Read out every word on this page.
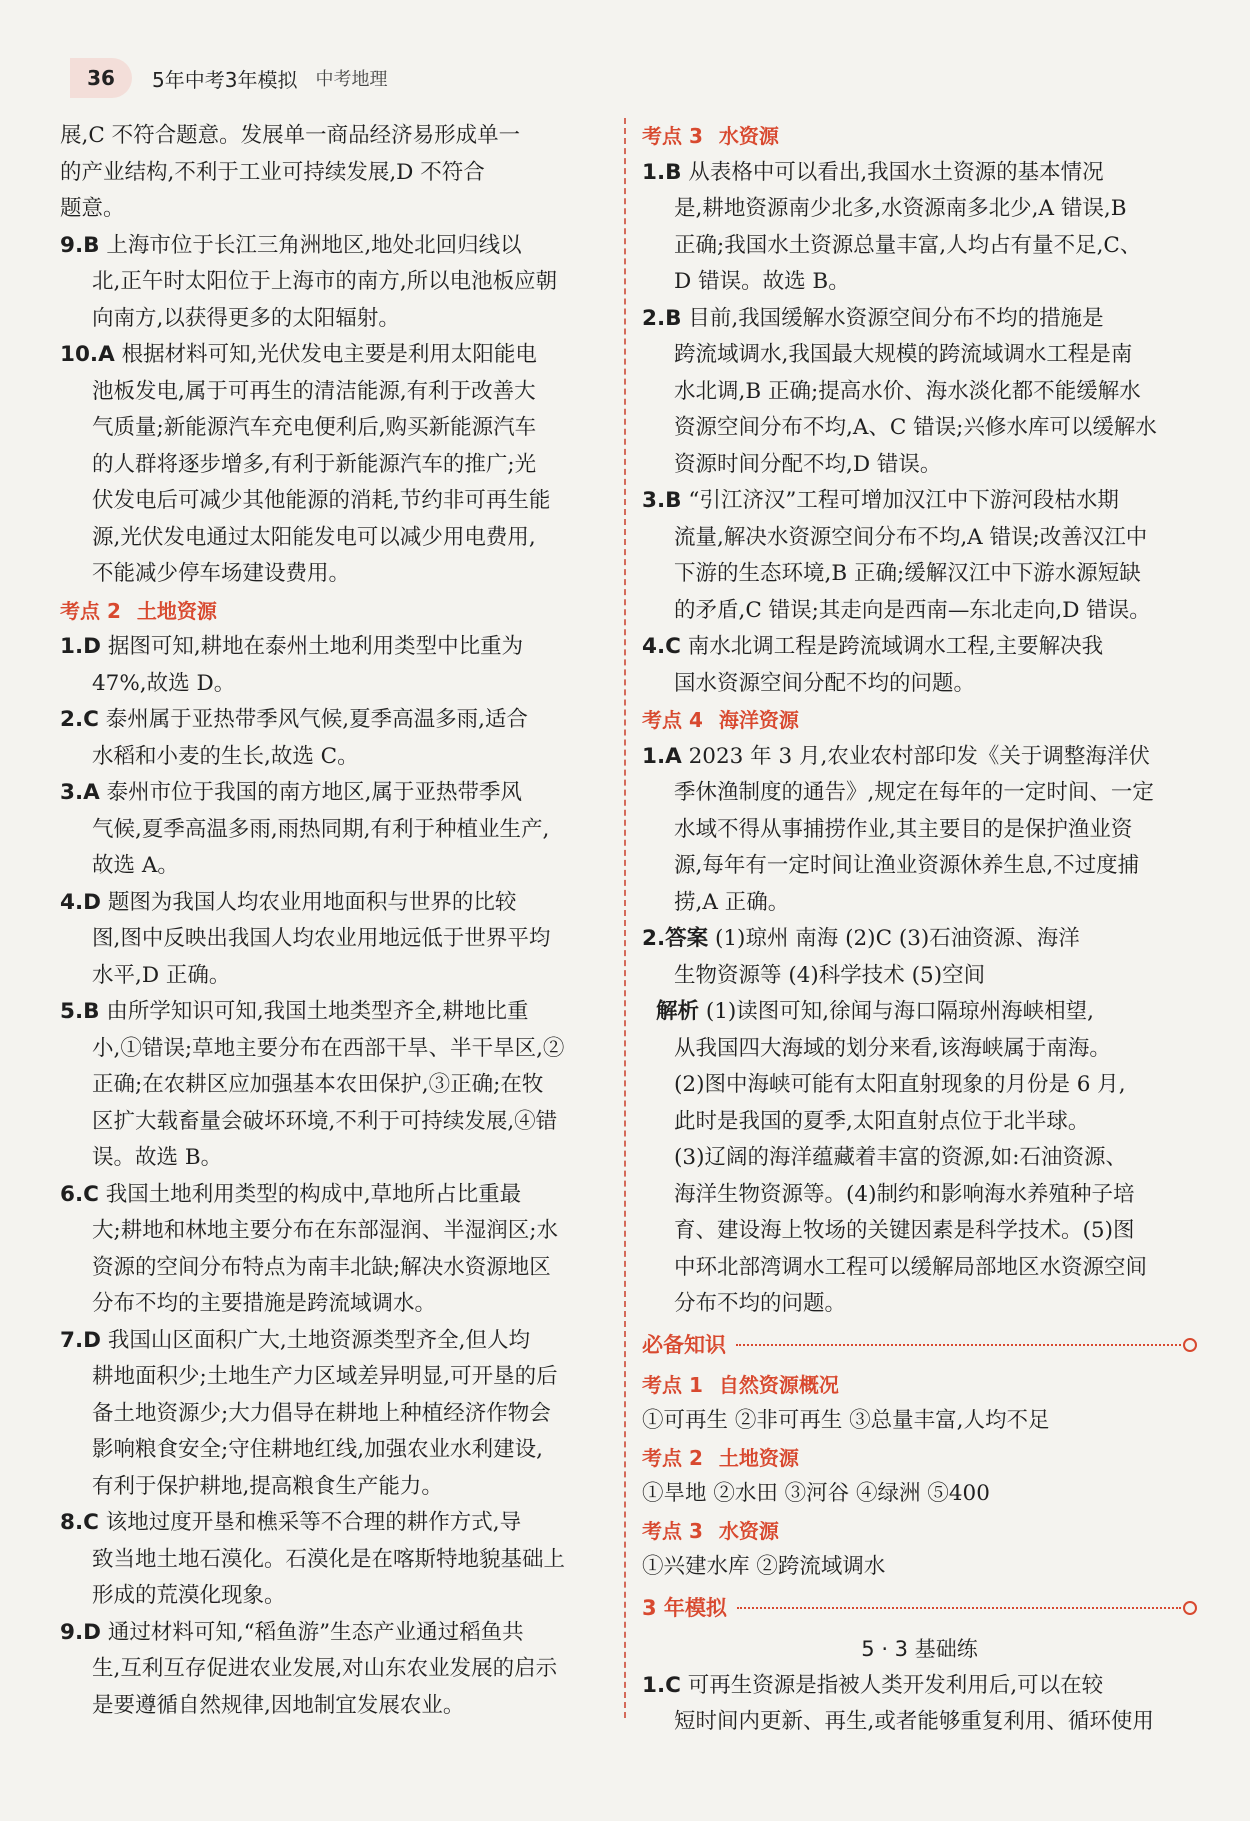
36	5年中考3年模拟 中考地理

展,C 不符合题意。发展单一商品经济易形成单一

的产业结构,不利于工业可持续发展,D 不符合

题意。

9.B 上海市位于长江三角洲地区,地处北回归线以

北,正午时太阳位于上海市的南方,所以电池板应朝

向南方,以获得更多的太阳辐射。

10.A 根据材料可知,光伏发电主要是利用太阳能电

池板发电,属于可再生的清洁能源,有利于改善大

气质量;新能源汽车充电便利后,购买新能源汽车

的人群将逐步增多,有利于新能源汽车的推广;光

伏发电后可减少其他能源的消耗,节约非可再生能

源,光伏发电通过太阳能发电可以减少用电费用,

不能减少停车场建设费用。

考点 2 土地资源

1.D 据图可知,耕地在泰州土地利用类型中比重为

47%,故选 D。

2.C 泰州属于亚热带季风气候,夏季高温多雨,适合

水稻和小麦的生长,故选 C。

3.A 泰州市位于我国的南方地区,属于亚热带季风

气候,夏季高温多雨,雨热同期,有利于种植业生产,

故选 A。

4.D 题图为我国人均农业用地面积与世界的比较

图,图中反映出我国人均农业用地远低于世界平均

水平,D 正确。

5.B 由所学知识可知,我国土地类型齐全,耕地比重

小,①错误;草地主要分布在西部干旱、半干旱区,②

正确;在农耕区应加强基本农田保护,③正确;在牧

区扩大载畜量会破坏环境,不利于可持续发展,④错

误。故选 B。

6.C 我国土地利用类型的构成中,草地所占比重最

大;耕地和林地主要分布在东部湿润、半湿润区;水

资源的空间分布特点为南丰北缺;解决水资源地区

分布不均的主要措施是跨流域调水。

7.D 我国山区面积广大,土地资源类型齐全,但人均

耕地面积少;土地生产力区域差异明显,可开垦的后

备土地资源少;大力倡导在耕地上种植经济作物会

影响粮食安全;守住耕地红线,加强农业水利建设,

有利于保护耕地,提高粮食生产能力。

8.C 该地过度开垦和樵采等不合理的耕作方式,导

致当地土地石漠化。石漠化是在喀斯特地貌基础上

形成的荒漠化现象。

9.D 通过材料可知,“稻鱼游”生态产业通过稻鱼共

生,互利互存促进农业发展,对山东农业发展的启示

是要遵循自然规律,因地制宜发展农业。

考点 3 水资源

1.B 从表格中可以看出,我国水土资源的基本情况

是,耕地资源南少北多,水资源南多北少,A 错误,B

正确;我国水土资源总量丰富,人均占有量不足,C、

D 错误。故选 B。

2.B 目前,我国缓解水资源空间分布不均的措施是

跨流域调水,我国最大规模的跨流域调水工程是南

水北调,B 正确;提高水价、海水淡化都不能缓解水

资源空间分布不均,A、C 错误;兴修水库可以缓解水

资源时间分配不均,D 错误。

3.B “引江济汉”工程可增加汉江中下游河段枯水期

流量,解决水资源空间分布不均,A 错误;改善汉江中

下游的生态环境,B 正确;缓解汉江中下游水源短缺

的矛盾,C 错误;其走向是西南—东北走向,D 错误。

4.C 南水北调工程是跨流域调水工程,主要解决我

国水资源空间分配不均的问题。

考点 4 海洋资源

1.A 2023 年 3 月,农业农村部印发《关于调整海洋伏

季休渔制度的通告》,规定在每年的一定时间、一定

水域不得从事捕捞作业,其主要目的是保护渔业资

源,每年有一定时间让渔业资源休养生息,不过度捕

捞,A 正确。

2.答案 (1)琼州 南海 (2)C (3)石油资源、海洋

生物资源等 (4)科学技术 (5)空间

解析 (1)读图可知,徐闻与海口隔琼州海峡相望,

从我国四大海域的划分来看,该海峡属于南海。

(2)图中海峡可能有太阳直射现象的月份是 6 月,

此时是我国的夏季,太阳直射点位于北半球。

(3)辽阔的海洋蕴藏着丰富的资源,如:石油资源、

海洋生物资源等。(4)制约和影响海水养殖种子培

育、建设海上牧场的关键因素是科学技术。(5)图

中环北部湾调水工程可以缓解局部地区水资源空间

分布不均的问题。

必备知识

考点 1 自然资源概况

①可再生 ②非可再生 ③总量丰富,人均不足

考点 2 土地资源

①旱地 ②水田 ③河谷 ④绿洲 ⑤400

考点 3 水资源

①兴建水库 ②跨流域调水

3 年模拟
5 · 3 基础练

1.C 可再生资源是指被人类开发利用后,可以在较

短时间内更新、再生,或者能够重复利用、循环使用
